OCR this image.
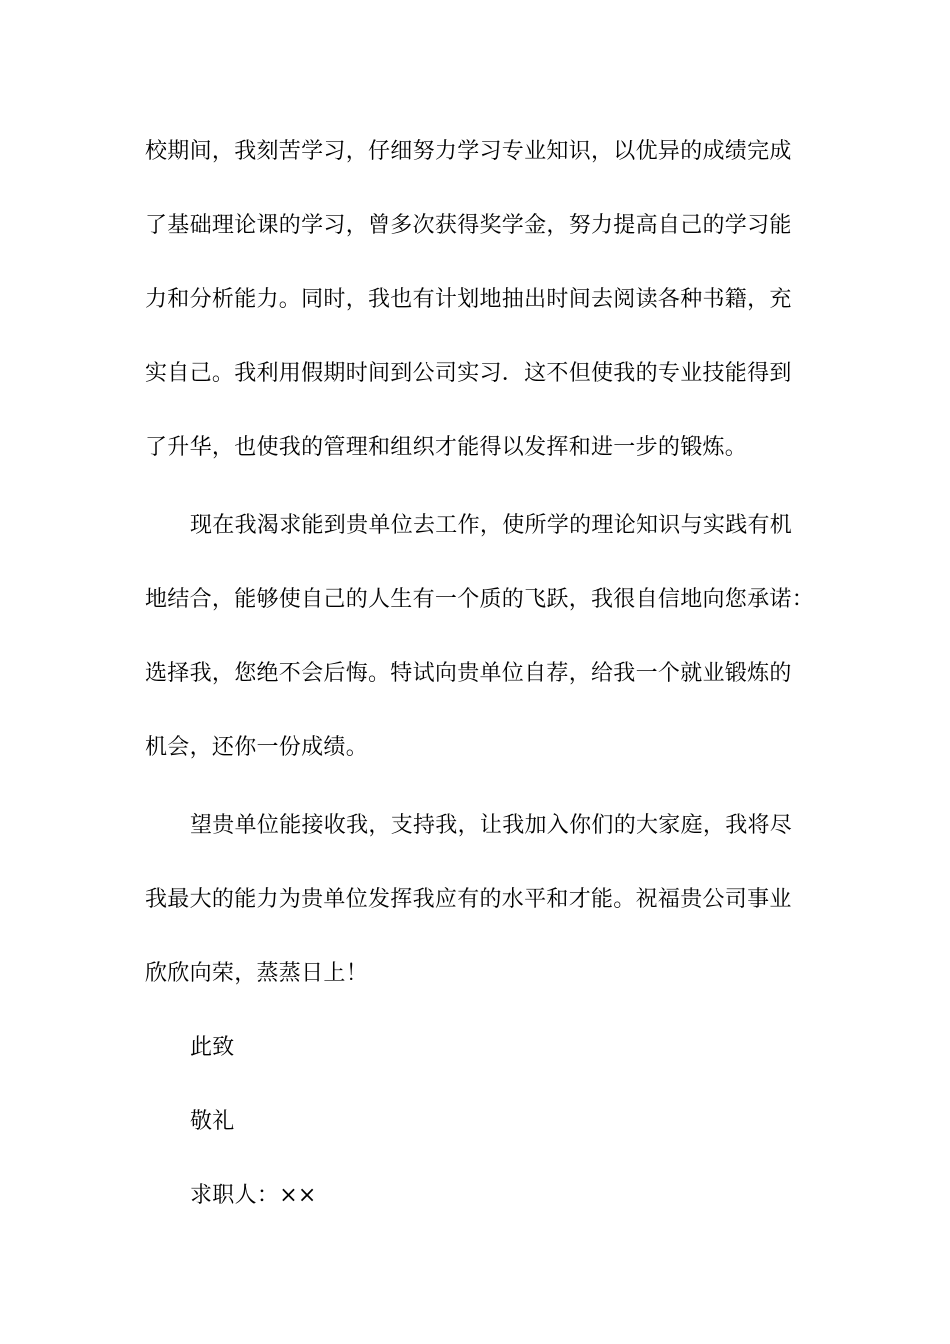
校期间，我刻苦学习，仔细努力学习专业知识，以优异的成绩完成
了基础理论课的学习，曾多次获得奖学金，努力提高自己的学习能
力和分析能力。同时，我也有计划地抽出时间去阅读各种书籍，充
实自己。我利用假期时间到公司实习．这不但使我的专业技能得到
了升华，也使我的管理和组织才能得以发挥和进一步的锻炼。
现在我渴求能到贵单位去工作，使所学的理论知识与实践有机
地结合，能够使自己的人生有一个质的飞跃，我很自信地向您承诺：
选择我，您绝不会后悔。特试向贵单位自荐，给我一个就业锻炼的
机会，还你一份成绩。
望贵单位能接收我，支持我，让我加入你们的大家庭，我将尽
我最大的能力为贵单位发挥我应有的水平和才能。祝福贵公司事业
欣欣向荣，蒸蒸日上！
此致
敬礼
求职人：××
